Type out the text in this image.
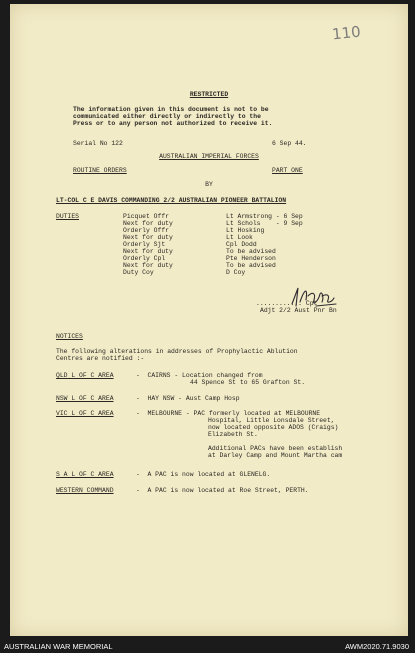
110
RESTRICTED
The information given in this document is not to be
communicated either directly or indirectly to the
Press or to any person not authorized to receive it.
Serial No 122	6 Sep 44.
AUSTRALIAN IMPERIAL FORCES
ROUTINE ORDERS	PART ONE
BY
LT-COL C E DAVIS COMMANDING 2/2 AUSTRALIAN PIONEER BATTALION
DUTIES	Picquet Offr	Lt Armstrong - 6 Sep
Next for duty	Lt Schols    - 9 Sep
Orderly Offr	Lt Hosking
Next for duty	Lt Look
Orderly Sjt	Cpl Dodd
Next for duty	To be advised
Orderly Cpl	Pte Henderson
Next for duty	To be advised
Duty Coy	D Coy
............ Cpt
Adjt 2/2 Aust Pnr Bn
NOTICES
The following alterations in addresses of Prophylactic Ablution
Centres are notified :-
QLD L OF C AREA	-  CAIRNS - Location changed from
44 Spence St to 65 Grafton St.
NSW L OF C AREA	-  HAY NSW - Aust Camp Hosp
VIC L OF C AREA	-  MELBOURNE - PAC formerly located at MELBOURNE
Hospital, Little Lonsdale Street,
now located opposite ADOS (Craigs)
Elizabeth St.
Additional PACs have been establish
at Darley Camp and Mount Martha cam
S A L OF C AREA	-  A PAC is now located at GLENELG.
WESTERN COMMAND	-  A PAC is now located at Roe Street, PERTH.
AUSTRALIAN WAR MEMORIAL	AWM2020.71.9030
